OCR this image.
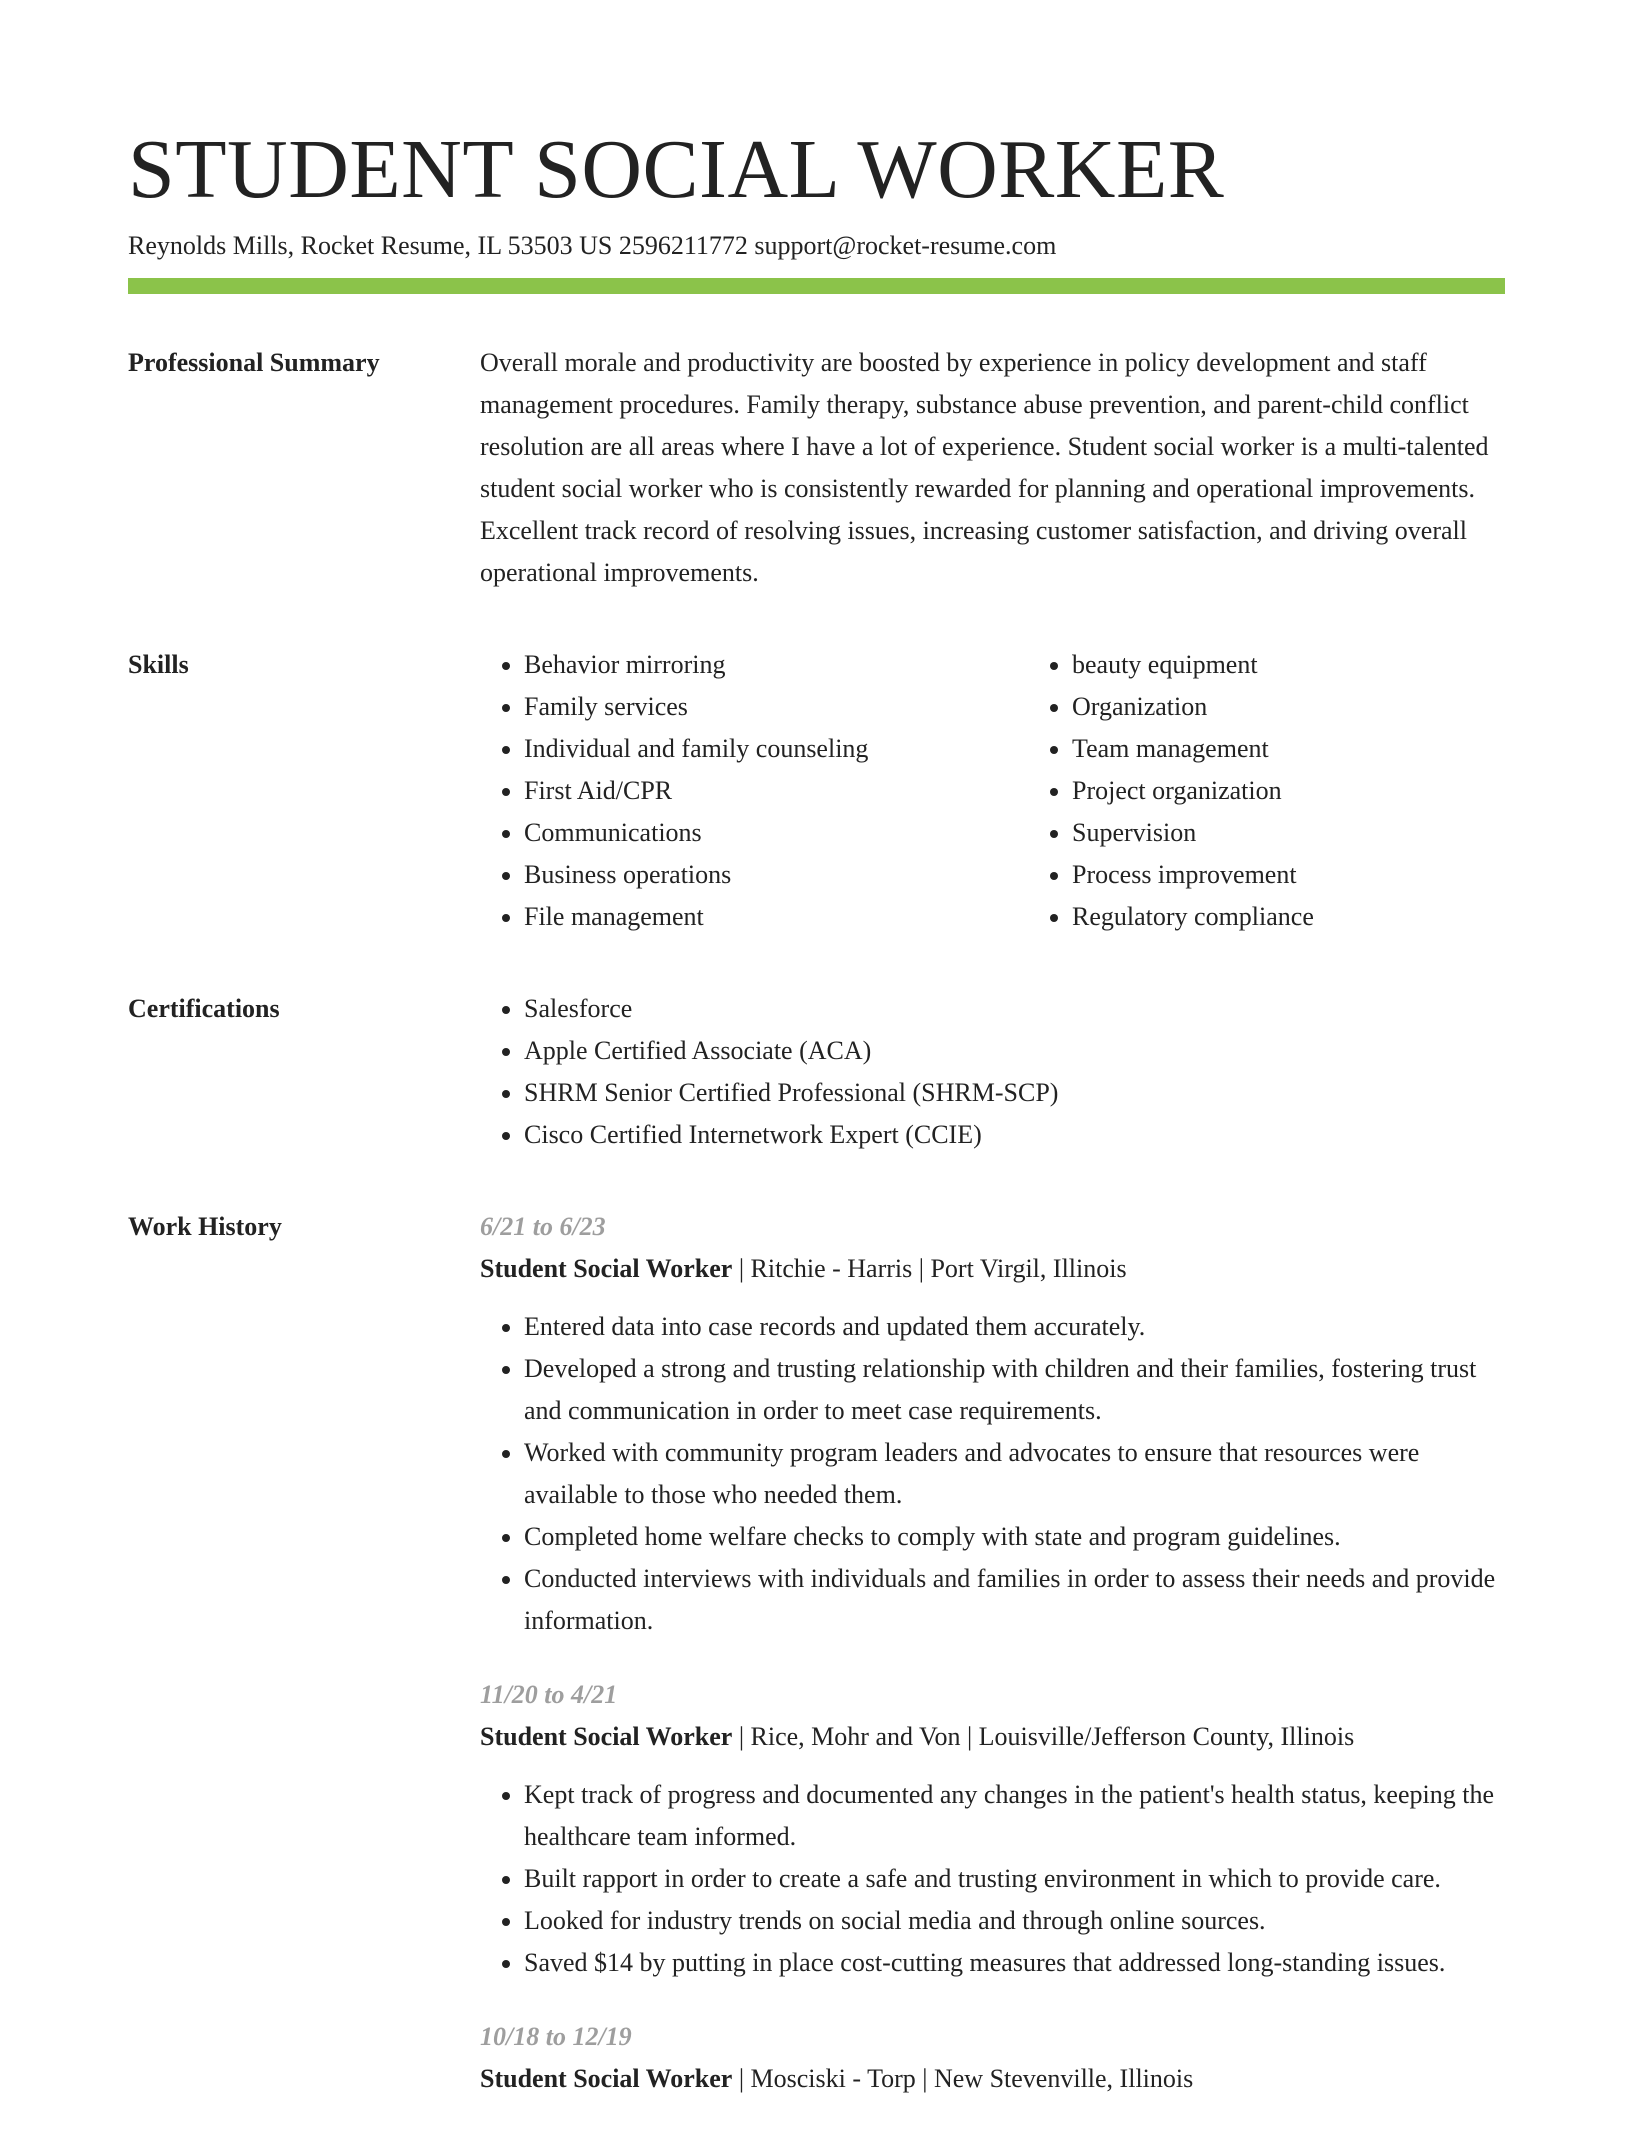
STUDENT SOCIAL WORKER
Reynolds Mills, Rocket Resume, IL 53503 US 2596211772 support@rocket-resume.com
Professional Summary	Overall morale and productivity are boosted by experience in policy development and staff management procedures. Family therapy, substance abuse prevention, and parent-child conflict resolution are all areas where I have a lot of experience. Student social worker is a multi-talented student social worker who is consistently rewarded for planning and operational improvements. Excellent track record of resolving issues, increasing customer satisfaction, and driving overall operational improvements.
Skills	• Behavior mirroring
• Family services
• Individual and family counseling
• First Aid/CPR
• Communications
• Business operations
• File management
• beauty equipment
• Organization
• Team management
• Project organization
• Supervision
• Process improvement
• Regulatory compliance
Certifications	• Salesforce
• Apple Certified Associate (ACA)
• SHRM Senior Certified Professional (SHRM-SCP)
• Cisco Certified Internetwork Expert (CCIE)
Work History	6/21 to 6/23
Student Social Worker | Ritchie - Harris | Port Virgil, Illinois
• Entered data into case records and updated them accurately.
• Developed a strong and trusting relationship with children and their families, fostering trust and communication in order to meet case requirements.
• Worked with community program leaders and advocates to ensure that resources were available to those who needed them.
• Completed home welfare checks to comply with state and program guidelines.
• Conducted interviews with individuals and families in order to assess their needs and provide information.
11/20 to 4/21
Student Social Worker | Rice, Mohr and Von | Louisville/Jefferson County, Illinois
• Kept track of progress and documented any changes in the patient's health status, keeping the healthcare team informed.
• Built rapport in order to create a safe and trusting environment in which to provide care.
• Looked for industry trends on social media and through online sources.
• Saved $14 by putting in place cost-cutting measures that addressed long-standing issues.
10/18 to 12/19
Student Social Worker | Mosciski - Torp | New Stevenville, Illinois
